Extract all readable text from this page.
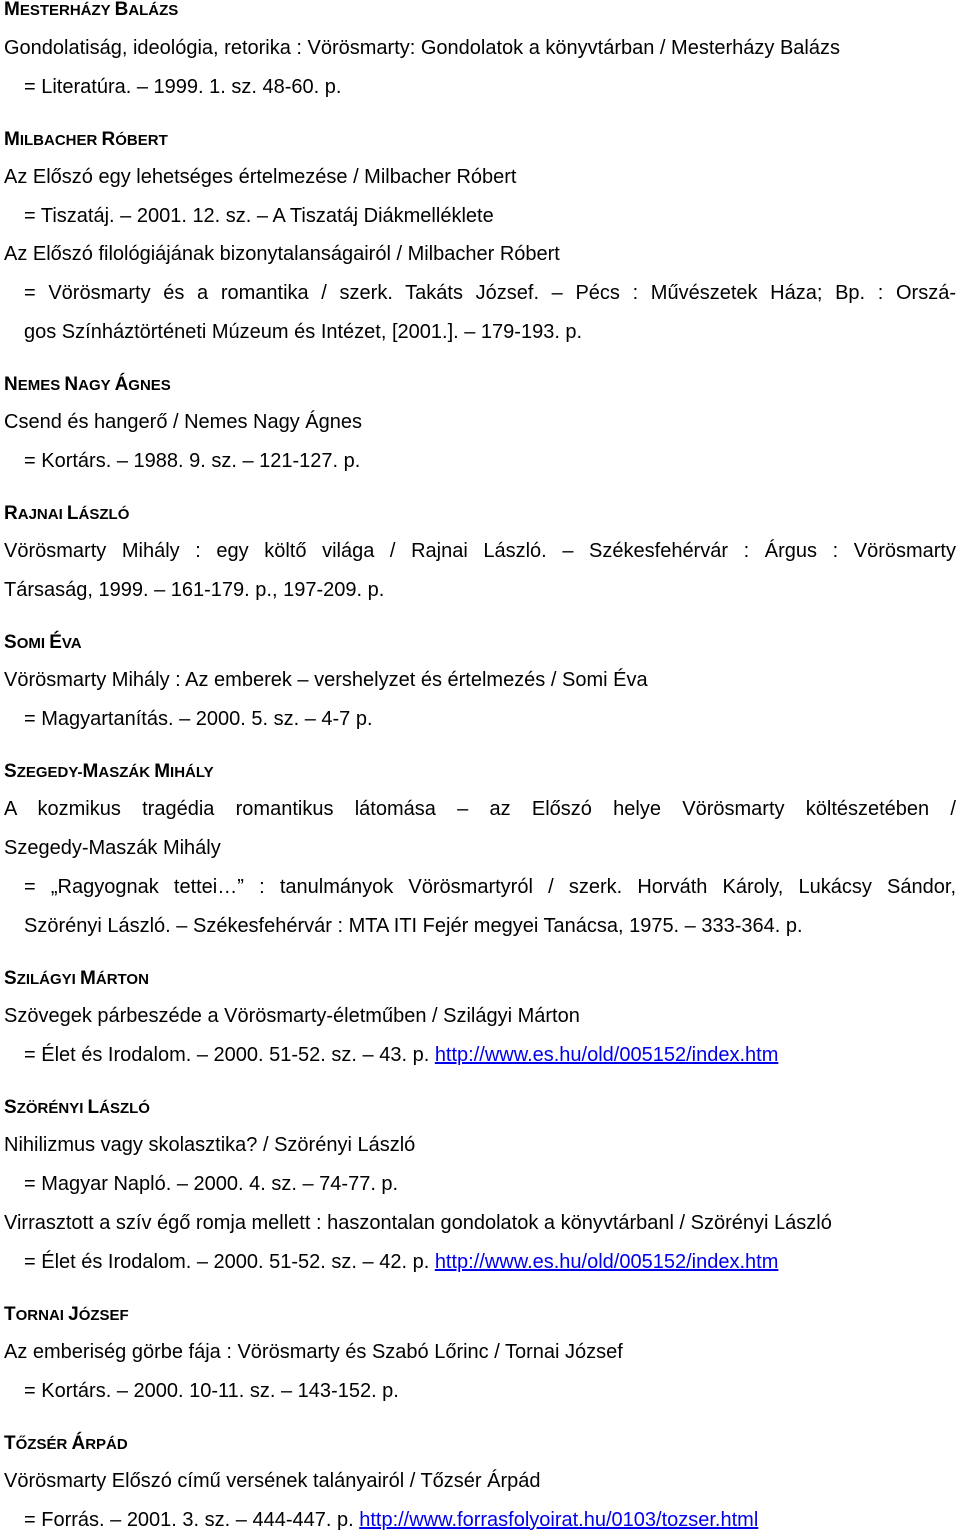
MESTERHÁZY BALÁZS
Gondolatiság, ideológia, retorika : Vörösmarty: Gondolatok a könyvtárban / Mesterházy Balázs
= Literatúra. – 1999. 1. sz. 48-60. p.
MILBACHER RÓBERT
Az Előszó egy lehetséges értelmezése / Milbacher Róbert
= Tiszatáj. – 2001. 12. sz. – A Tiszatáj Diákmelléklete
Az Előszó filológiájának bizonytalanságairól / Milbacher Róbert
= Vörösmarty és a romantika / szerk. Takáts József. – Pécs : Művészetek Háza; Bp. : Orszá-
gos Színháztörténeti Múzeum és Intézet, [2001.]. – 179-193. p.
NEMES NAGY ÁGNES
Csend és hangerő / Nemes Nagy Ágnes
= Kortárs. – 1988. 9. sz. – 121-127. p.
RAJNAI LÁSZLÓ
Vörösmarty Mihály : egy költő világa / Rajnai László. – Székesfehérvár : Árgus : Vörösmarty
Társaság, 1999. – 161-179. p., 197-209. p.
SOMI ÉVA
Vörösmarty Mihály : Az emberek – vershelyzet és értelmezés / Somi Éva
= Magyartanítás. – 2000. 5. sz. – 4-7 p.
SZEGEDY-MASZÁK MIHÁLY
A kozmikus tragédia romantikus látomása – az Előszó helye Vörösmarty költészetében /
Szegedy-Maszák Mihály
= „Ragyognak tettei…” : tanulmányok Vörösmartyról / szerk. Horváth Károly, Lukácsy Sándor,
Szörényi László. – Székesfehérvár : MTA ITI Fejér megyei Tanácsa, 1975. – 333-364. p.
SZILÁGYI MÁRTON
Szövegek párbeszéde a Vörösmarty-életműben / Szilágyi Márton
= Élet és Irodalom. – 2000. 51-52. sz. – 43. p. http://www.es.hu/old/005152/index.htm
SZÖRÉNYI LÁSZLÓ
Nihilizmus vagy skolasztika? / Szörényi László
= Magyar Napló. – 2000. 4. sz. – 74-77. p.
Virrasztott a szív égő romja mellett : haszontalan gondolatok a könyvtárbanl / Szörényi László
= Élet és Irodalom. – 2000. 51-52. sz. – 42. p. http://www.es.hu/old/005152/index.htm
TORNAI JÓZSEF
Az emberiség görbe fája : Vörösmarty és Szabó Lőrinc / Tornai József
= Kortárs. – 2000. 10-11. sz. – 143-152. p.
TŐZSÉR ÁRPÁD
Vörösmarty Előszó című versének talányairól / Tőzsér Árpád
= Forrás. – 2001. 3. sz. – 444-447. p. http://www.forrasfolyoirat.hu/0103/tozser.html
